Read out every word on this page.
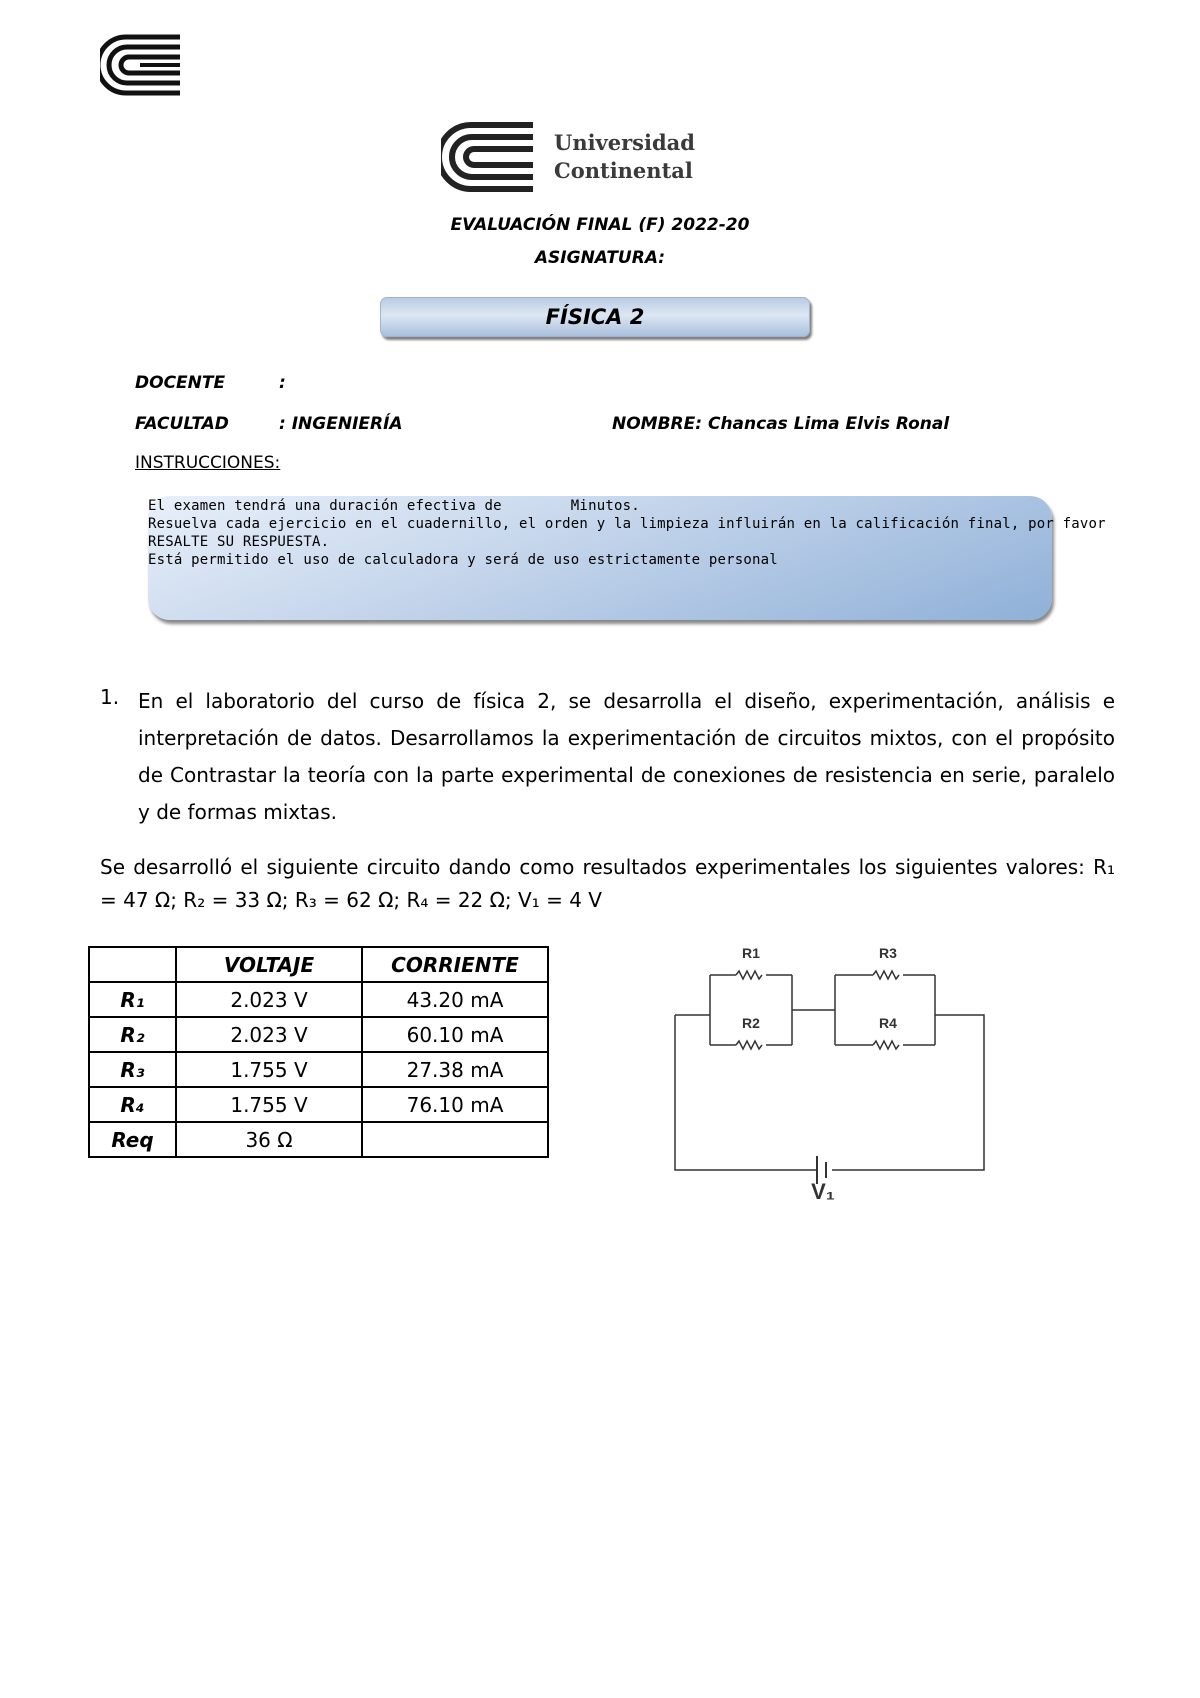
Universidad
Continental
EVALUACIÓN FINAL (F) 2022-20
ASIGNATURA:
FÍSICA 2
DOCENTE	:
FACULTAD	: INGENIERÍA	NOMBRE: Chancas Lima Elvis Ronal
INSTRUCCIONES:
El examen tendrá una duración efectiva de        Minutos.
Resuelva cada ejercicio en el cuadernillo, el orden y la limpieza influirán en la calificación final, por favor
RESALTE SU RESPUESTA.
Está permitido el uso de calculadora y será de uso estrictamente personal
1. En el laboratorio del curso de física 2, se desarrolla el diseño, experimentación, análisis e interpretación de datos. Desarrollamos la experimentación de circuitos mixtos, con el propósito de Contrastar la teoría con la parte experimental de conexiones de resistencia en serie, paralelo y de formas mixtas.
Se desarrolló el siguiente circuito dando como resultados experimentales los siguientes valores: R₁ = 47 Ω; R₂ = 33 Ω; R₃ = 62 Ω; R₄ = 22 Ω; V₁ = 4 V
	VOLTAJE	CORRIENTE
R₁	2.023 V	43.20 mA
R₂	2.023 V	60.10 mA
R₃	1.755 V	27.38 mA
R₄	1.755 V	76.10 mA
Req	36 Ω	
R1
R2
R3
R4
V₁
